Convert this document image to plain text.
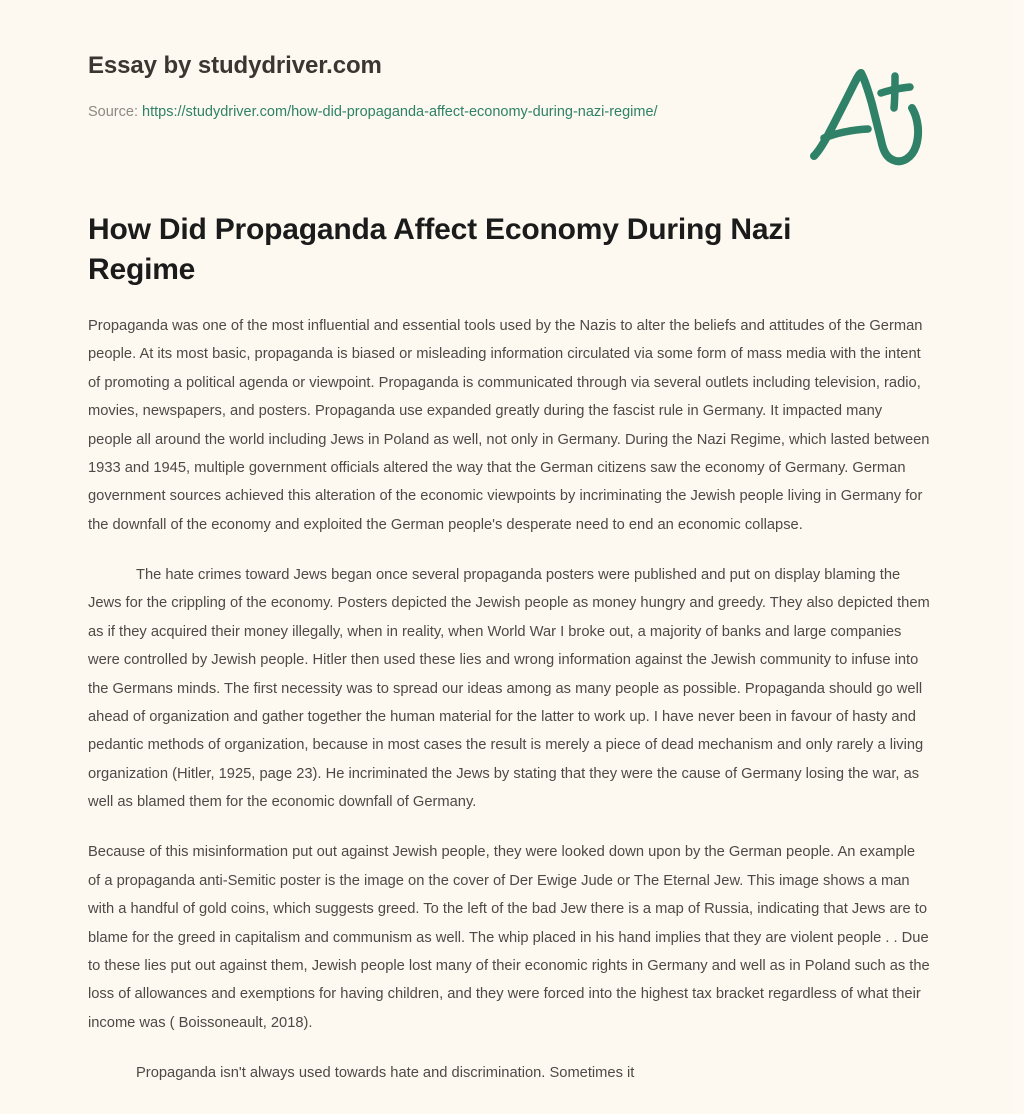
Essay by studydriver.com
Source: https://studydriver.com/how-did-propaganda-affect-economy-during-nazi-regime/
How Did Propaganda Affect Economy During Nazi Regime

Propaganda was one of the most influential and essential tools used by the Nazis to alter the beliefs and attitudes of the German people. At its most basic, propaganda is biased or misleading information circulated via some form of mass media with the intent of promoting a political agenda or viewpoint. Propaganda is communicated through via several outlets including television, radio, movies, newspapers, and posters. Propaganda use expanded greatly during the fascist rule in Germany. It impacted many people all around the world including Jews in Poland as well, not only in Germany. During the Nazi Regime, which lasted between 1933 and 1945, multiple government officials altered the way that the German citizens saw the economy of Germany. German government sources achieved this alteration of the economic viewpoints by incriminating the Jewish people living in Germany for the downfall of the economy and exploited the German people's desperate need to end an economic collapse.

The hate crimes toward Jews began once several propaganda posters were published and put on display blaming the Jews for the crippling of the economy. Posters depicted the Jewish people as money hungry and greedy. They also depicted them as if they acquired their money illegally, when in reality, when World War I broke out, a majority of banks and large companies were controlled by Jewish people. Hitler then used these lies and wrong information against the Jewish community to infuse into the Germans minds. The first necessity was to spread our ideas among as many people as possible. Propaganda should go well ahead of organization and gather together the human material for the latter to work up. I have never been in favour of hasty and pedantic methods of organization, because in most cases the result is merely a piece of dead mechanism and only rarely a living organization (Hitler, 1925, page 23). He incriminated the Jews by stating that they were the cause of Germany losing the war, as well as blamed them for the economic downfall of Germany.

Because of this misinformation put out against Jewish people, they were looked down upon by the German people. An example of a propaganda anti-Semitic poster is the image on the cover of Der Ewige Jude or The Eternal Jew. This image shows a man with a handful of gold coins, which suggests greed. To the left of the bad Jew there is a map of Russia, indicating that Jews are to blame for the greed in capitalism and communism as well. The whip placed in his hand implies that they are violent people . . Due to these lies put out against them, Jewish people lost many of their economic rights in Germany and well as in Poland such as the loss of allowances and exemptions for having children, and they were forced into the highest tax bracket regardless of what their income was ( Boissoneault, 2018).

Propaganda isn't always used towards hate and discrimination. Sometimes it
